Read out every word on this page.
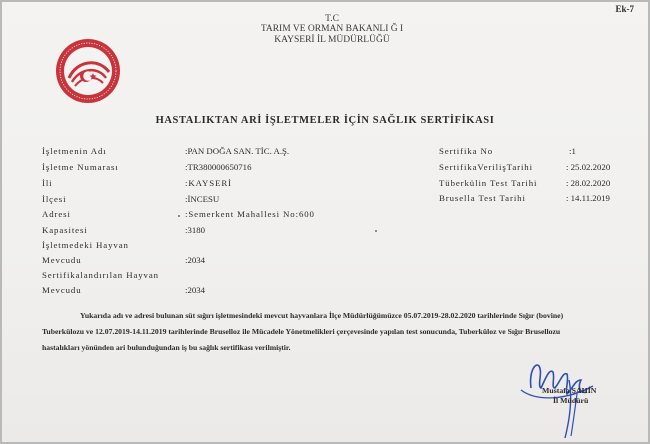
Ek-7
T.C
TARIM VE ORMAN BAKANLI Ğ I
KAYSERİ İL MÜDÜRLÜĞÜ
HASTALIKTAN ARİ İŞLETMELER İÇİN SAĞLIK SERTİFİKASI
İşletmenin Adı
İşletme Numarası
İli
İlçesi
Adresi
Kapasitesi
İşletmedeki Hayvan
Mevcudu
Sertifikalandırılan Hayvan
Mevcudu
:PAN DOĞA SAN. TİC. A.Ş.
:TR380000650716
:KAYSERİ
:İNCESU
:Semerkent Mahallesi No:600
:3180
:2034
:2034
Sertifika No
SertifikaVerilişTarihi
Tüberkülin Test Tarihi
Brusella Test Tarihi
:1
: 25.02.2020
: 28.02.2020
: 14.11.2019
Yukarıda adı ve adresi bulunan süt sığırı işletmesindeki mevcut hayvanlara İlçe Müdürlüğümüzce 05.07.2019-28.02.2020 tarihlerinde Sığır (bovine)
Tuberkülozu ve 12.07.2019-14.11.2019 tarihlerinde Bruselloz ile Mücadele Yönetmelikleri çerçevesinde yapılan test sonucunda, Tuberküloz ve Sığır Brusellozu
hastalıkları yönünden ari bulunduğundan iş bu sağlık sertifikası verilmiştir.
Mustafa ŞAHİN
İl Müdürü
